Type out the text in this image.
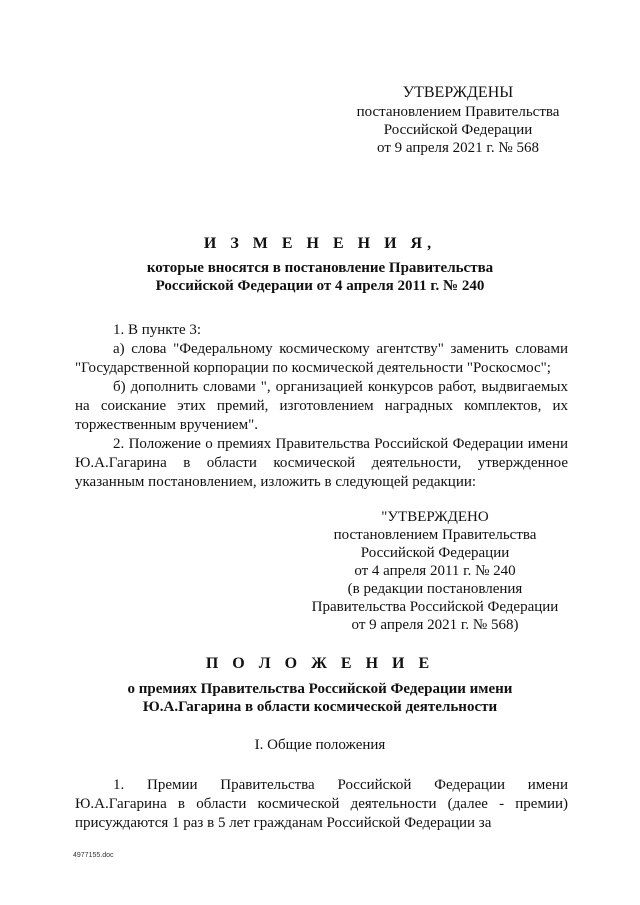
УТВЕРЖДЕНЫ
постановлением Правительства
Российской Федерации
от 9 апреля 2021 г. № 568
И З М Е Н Е Н И Я,
которые вносятся в постановление Правительства
Российской Федерации от 4 апреля 2011 г. № 240
1. В пункте 3:
а) слова "Федеральному космическому агентству" заменить словами "Государственной корпорации по космической деятельности "Роскосмос";
б) дополнить словами ", организацией конкурсов работ, выдвигаемых на соискание этих премий, изготовлением наградных комплектов, их торжественным вручением".
2. Положение о премиях Правительства Российской Федерации имени Ю.А.Гагарина в области космической деятельности, утвержденное указанным постановлением, изложить в следующей редакции:
"УТВЕРЖДЕНО
постановлением Правительства
Российской Федерации
от 4 апреля 2011 г. № 240
(в редакции постановления
Правительства Российской Федерации
от 9 апреля 2021 г. № 568)
П О Л О Ж Е Н И Е
о премиях Правительства Российской Федерации имени
Ю.А.Гагарина в области космической деятельности
I. Общие положения
1. Премии Правительства Российской Федерации имени Ю.А.Гагарина в области космической деятельности (далее - премии) присуждаются 1 раз в 5 лет гражданам Российской Федерации за
4977155.doc
